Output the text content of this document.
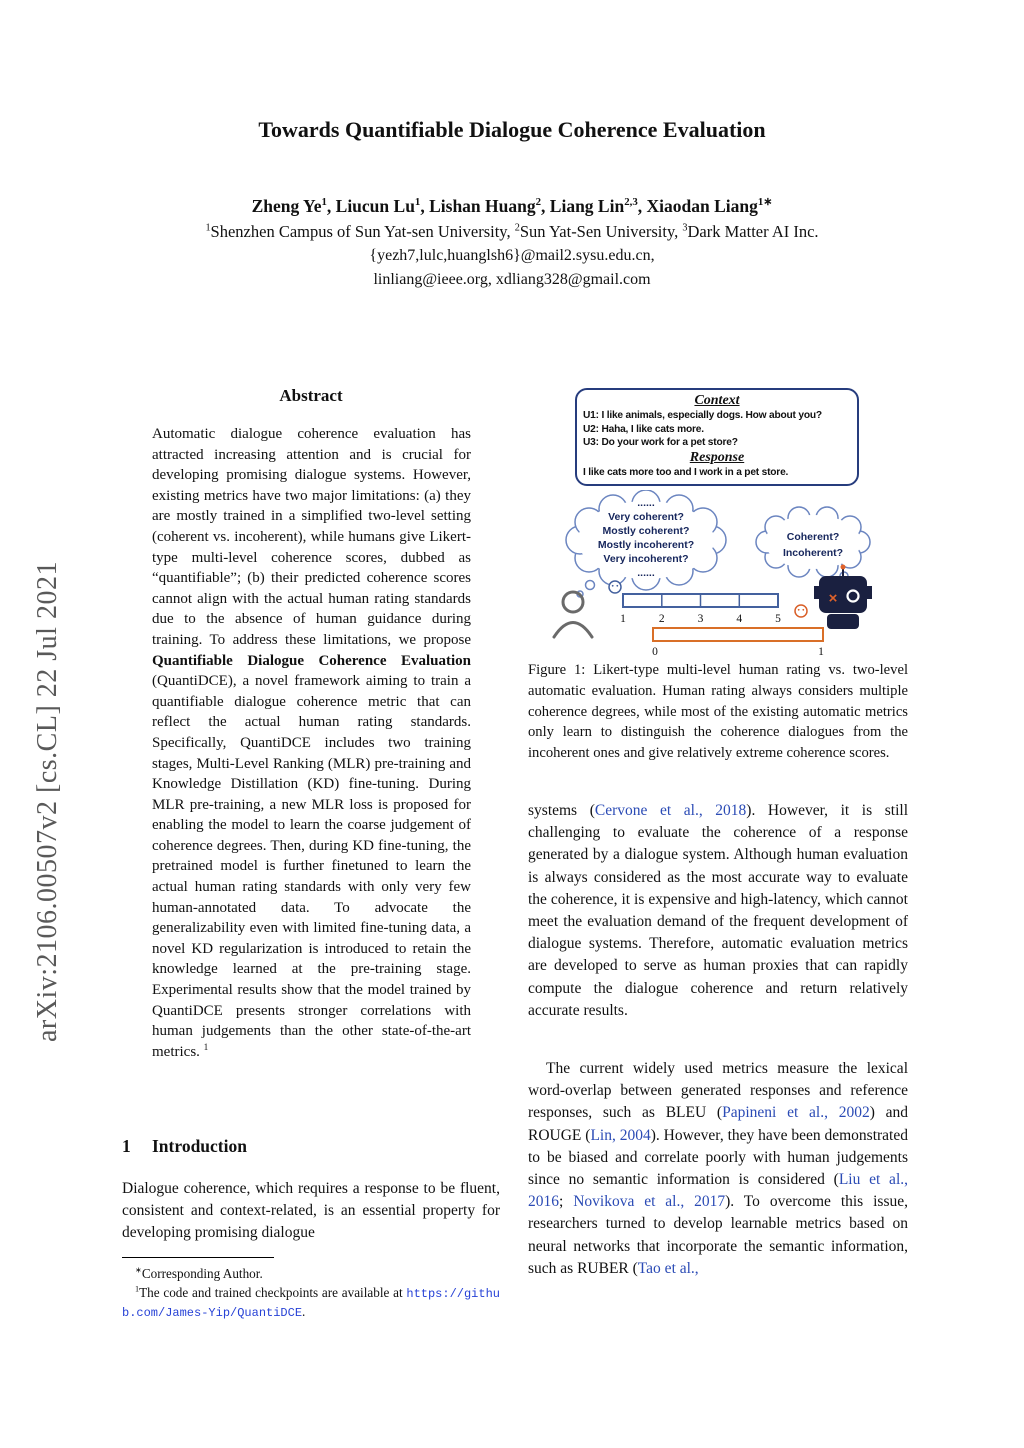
arXiv:2106.00507v2 [cs.CL] 22 Jul 2021
Towards Quantifiable Dialogue Coherence Evaluation
Zheng Ye$^1$, Liucun Lu$^1$, Lishan Huang$^2$, Liang Lin$^{2,3}$, Xiaodan Liang$^{1∗}$
$^1$Shenzhen Campus of Sun Yat-sen University, $^2$Sun Yat-Sen University, $^3$Dark Matter AI Inc.
{yezh7,lulc,huanglsh6}@mail2.sysu.edu.cn,
linliang@ieee.org, xdliang328@gmail.com
Abstract
Automatic dialogue coherence evaluation has attracted increasing attention and is crucial for developing promising dialogue systems. However, existing metrics have two major limitations: (a) they are mostly trained in a simplified two-level setting (coherent vs. incoherent), while humans give Likert-type multi-level coherence scores, dubbed as “quantifiable”; (b) their predicted coherence scores cannot align with the actual human rating standards due to the absence of human guidance during training. To address these limitations, we propose Quantifiable Dialogue Coherence Evaluation (QuantiDCE), a novel framework aiming to train a quantifiable dialogue coherence metric that can reflect the actual human rating standards. Specifically, QuantiDCE includes two training stages, Multi-Level Ranking (MLR) pre-training and Knowledge Distillation (KD) fine-tuning. During MLR pre-training, a new MLR loss is proposed for enabling the model to learn the coarse judgement of coherence degrees. Then, during KD fine-tuning, the pretrained model is further finetuned to learn the actual human rating standards with only very few human-annotated data. To advocate the generalizability even with limited fine-tuning data, a novel KD regularization is introduced to retain the knowledge learned at the pre-training stage. Experimental results show that the model trained by QuantiDCE presents stronger correlations with human judgements than the other state-of-the-art metrics. $^1$
1 Introduction
Dialogue coherence, which requires a response to be fluent, consistent and context-related, is an essential property for developing promising dialogue

∗Corresponding Author.

$^1$The code and trained checkpoints are available at https://github.com/James-Yip/QuantiDCE.

Context
U1: I like animals, especially dogs. How about you?
U2: Haha, I like cats more.
U3: Do your work for a pet store?
Response
I like cats more too and I work in a pet store.
......
Very coherent?
Mostly coherent?
Mostly incoherent?
Very incoherent?
......
Coherent?
Incoherent?
1	2	3	4	5
0	1
×
Figure 1: Likert-type multi-level human rating vs. two-level automatic evaluation. Human rating always considers multiple coherence degrees, while most of the existing automatic metrics only learn to distinguish the coherence dialogues from the incoherent ones and give relatively extreme coherence scores.
systems (Cervone et al., 2018). However, it is still challenging to evaluate the coherence of a response generated by a dialogue system. Although human evaluation is always considered as the most accurate way to evaluate the coherence, it is expensive and high-latency, which cannot meet the evaluation demand of the frequent development of dialogue systems. Therefore, automatic evaluation metrics are developed to serve as human proxies that can rapidly compute the dialogue coherence and return relatively accurate results.
The current widely used metrics measure the lexical word-overlap between generated responses and reference responses, such as BLEU (Papineni et al., 2002) and ROUGE (Lin, 2004). However, they have been demonstrated to be biased and correlate poorly with human judgements since no semantic information is considered (Liu et al., 2016; Novikova et al., 2017). To overcome this issue, researchers turned to develop learnable metrics based on neural networks that incorporate the semantic information, such as RUBER (Tao et al.,
